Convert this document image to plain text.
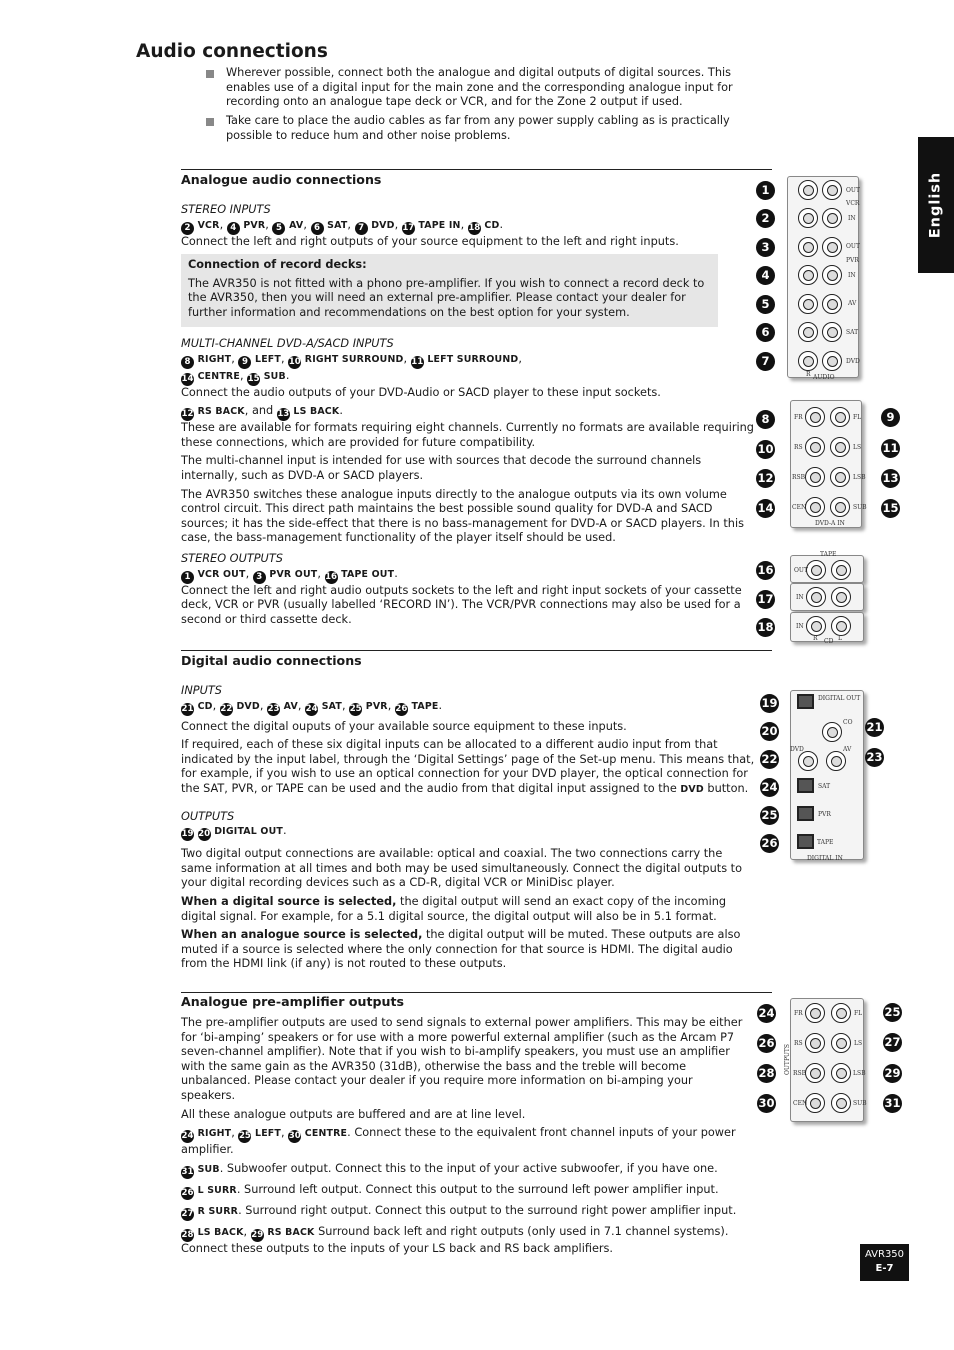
Audio connections

Wherever possible, connect both the analogue and digital outputs of digital sources. This enables use of a digital input for the main zone and the corresponding analogue input for recording onto an analogue tape deck or VCR, and for the Zone 2 output if used.

Take care to place the audio cables as far from any power supply cabling as is practically possible to reduce hum and other noise problems.

English
Analogue audio connections

STEREO INPUTS

2 VCR, 4 PVR, 5 AV, 6 SAT, 7 DVD, 17 TAPE IN, 18 CD.

Connect the left and right outputs of your source equipment to the left and right inputs.

Connection of record decks:

The AVR350 is not fitted with a phono pre-amplifier. If you wish to connect a record deck to the AVR350, then you will need an external pre-amplifier. Please contact your dealer for further information and recommendations on the best option for your system.

MULTI-CHANNEL DVD-A/SACD INPUTS

8 RIGHT, 9 LEFT, 10 RIGHT SURROUND, 11 LEFT SURROUND,
14 CENTRE, 15 SUB.

Connect the audio outputs of your DVD-Audio or SACD player to these input sockets.

12 RS BACK, and 13 LS BACK.

These are available for formats requiring eight channels. Currently no formats are available requiring these connections, which are provided for future compatibility.

The multi-channel input is intended for use with sources that decode the surround channels internally, such as DVD-A or SACD players.

The AVR350 switches these analogue inputs directly to the analogue outputs via its own volume control circuit. This direct path maintains the best possible sound quality for DVD-A and SACD sources; it has the side-effect that there is no bass-management for DVD-A or SACD players. In this case, the bass-management functionality of the player itself should be used.

STEREO OUTPUTS

1 VCR OUT, 3 PVR OUT, 16 TAPE OUT.

Connect the left and right audio outputs sockets to the left and right input sockets of your cassette deck, VCR or PVR (usually labelled ‘RECORD IN’). The VCR/PVR connections may also be used for a second or third cassette deck.

Digital audio connections

INPUTS

21 CD, 22 DVD, 23 AV, 24 SAT, 25 PVR, 26 TAPE.

Connect the digital ouputs of your available source equipment to these inputs.

If required, each of these six digital inputs can be allocated to a different audio input from that indicated by the input label, through the ‘Digital Settings’ page of the Set-up menu. This means that, for example, if you wish to use an optical connection for your DVD player, the optical connection for the SAT, PVR, or TAPE can be used and the audio from that digital input assigned to the DVD button.

OUTPUTS

19 20 DIGITAL OUT.

Two digital output connections are available: optical and coaxial. The two connections carry the same information at all times and both may be used simultaneously. Connect the digital outputs to your digital recording devices such as a CD-R, digital VCR or MiniDisc player.

When a digital source is selected, the digital output will send an exact copy of the incoming digital signal. For example, for a 5.1 digital source, the digital output will also be in 5.1 format.

When an analogue source is selected, the digital output will be muted. These outputs are also muted if a source is selected where the only connection for that source is HDMI. The digital audio from the HDMI link (if any) is not routed to these outputs.

Analogue pre-amplifier outputs

The pre-amplifier outputs are used to send signals to external power amplifiers. This may be either for ‘bi-amping’ speakers or for use with a more powerful external amplifier (such as the Arcam P7 seven-channel amplifier). Note that if you wish to bi-amplify speakers, you must use an amplifier with the same gain as the AVR350 (31dB), otherwise the bass and the treble will become unbalanced. Please contact your dealer if you require more information on bi-amping your speakers.

All these analogue outputs are buffered and are at line level.

24 RIGHT, 25 LEFT, 30 CENTRE. Connect these to the equivalent front channel inputs of your power amplifier.

31 SUB. Subwoofer output. Connect this to the input of your active subwoofer, if you have one.

26 L SURR. Surround left output. Connect this output to the surround left power amplifier input.

27 R SURR. Surround right output. Connect this output to the surround right power amplifier input.

28 LS BACK, 29 RS BACK Surround back left and right outputs (only used in 7.1 channel systems). Connect these outputs to the inputs of your LS back and RS back amplifiers.

OUT
VCR
IN
OUT
PVR
IN
AV
SAT
DVD
R AUDIO
1
2
3
4
5
6
7
FR	FL
RS	LS
RSB	LSB
CEN	SUB
DVD-A IN
8	9
10	11
12	13
14	15
TAPE
OUT
IN
IN
R	L
CD
16
17
18
DIGITAL OUT
CO
DVD	AV
SAT
PVR
TAPE
DIGITAL IN
19
20	21
22	23
24
25
26
FR	FL
RS	LS
RSB	LSB
CEN	SUB
OUTPUTS
24	25
26	27
28	29
30	31
AVR350
E-7
